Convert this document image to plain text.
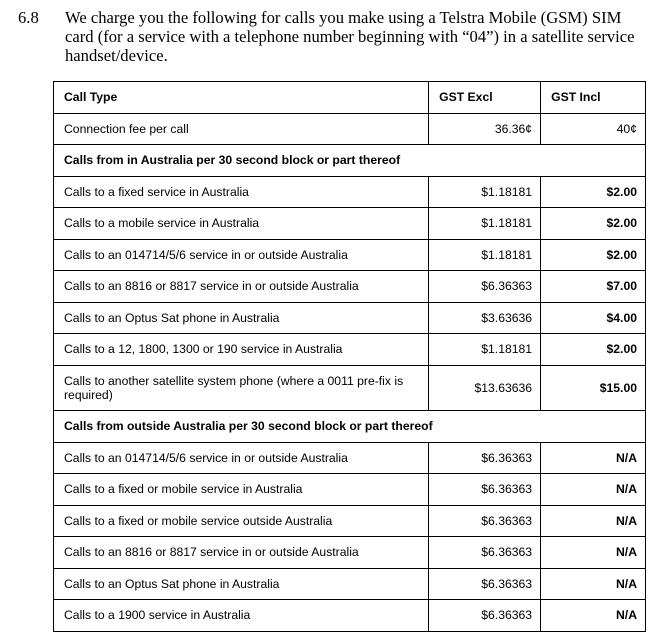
6.8 We charge you the following for calls you make using a Telstra Mobile (GSM) SIM card (for a service with a telephone number beginning with “04”) in a satellite service handset/device.
Call Type	GST Excl	GST Incl
Connection fee per call	36.36¢	40¢
Calls from in Australia per 30 second block or part thereof		
Calls to a fixed service in Australia	$1.18181	$2.00
Calls to a mobile service in Australia	$1.18181	$2.00
Calls to an 014714/5/6 service in or outside Australia	$1.18181	$2.00
Calls to an 8816 or 8817 service in or outside Australia	$6.36363	$7.00
Calls to an Optus Sat phone in Australia	$3.63636	$4.00
Calls to a 12, 1800, 1300 or 190 service in Australia	$1.18181	$2.00
Calls to another satellite system phone (where a 0011 pre-fix is required)	$13.63636	$15.00
Calls from outside Australia per 30 second block or part thereof		
Calls to an 014714/5/6 service in or outside Australia	$6.36363	N/A
Calls to a fixed or mobile service in Australia	$6.36363	N/A
Calls to a fixed or mobile service outside Australia	$6.36363	N/A
Calls to an 8816 or 8817 service in or outside Australia	$6.36363	N/A
Calls to an Optus Sat phone in Australia	$6.36363	N/A
Calls to a 1900 service in Australia	$6.36363	N/A
